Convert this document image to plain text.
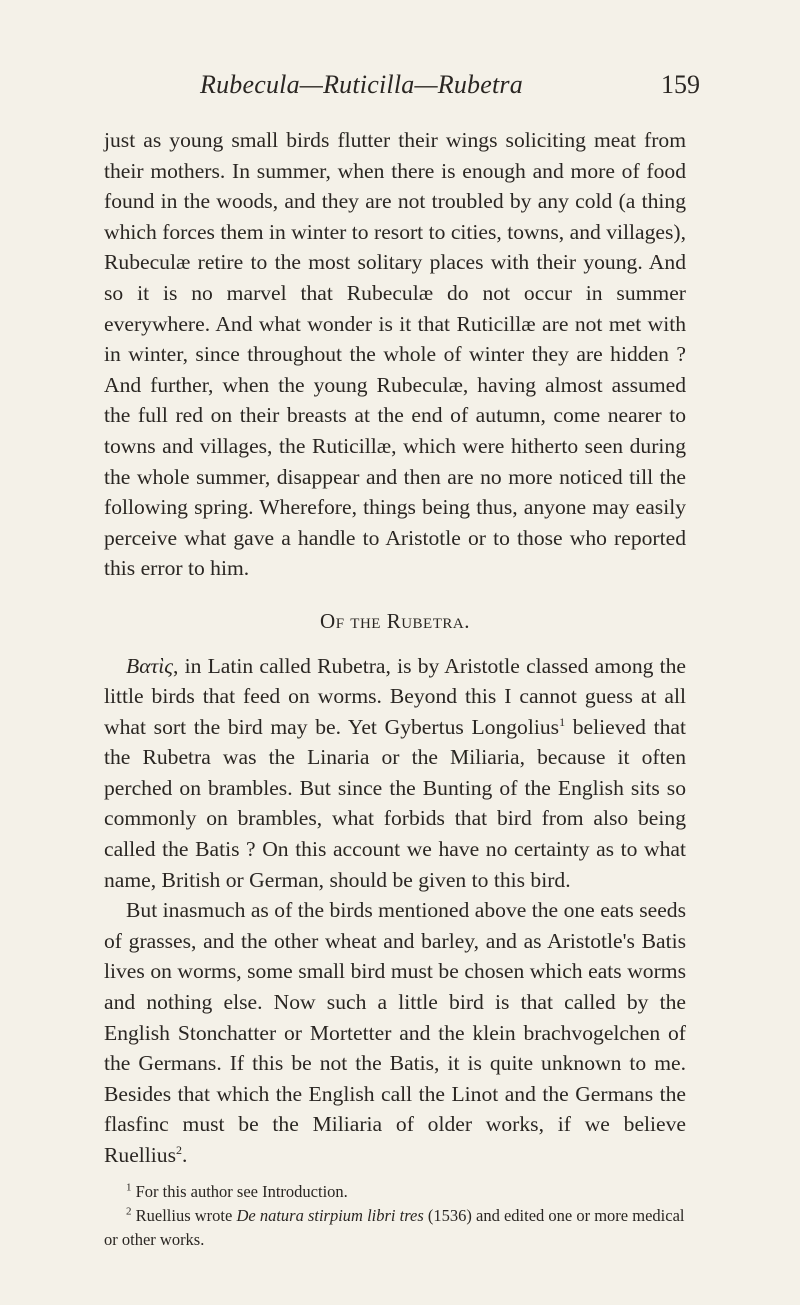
Rubecula—Ruticilla—Rubetra	159

just as young small birds flutter their wings soliciting meat from their mothers. In summer, when there is enough and more of food found in the woods, and they are not troubled by any cold (a thing which forces them in winter to resort to cities, towns, and villages), Rubeculæ retire to the most solitary places with their young. And so it is no marvel that Rubeculæ do not occur in summer everywhere. And what wonder is it that Ruticillæ are not met with in winter, since throughout the whole of winter they are hidden ? And further, when the young Rubeculæ, having almost assumed the full red on their breasts at the end of autumn, come nearer to towns and villages, the Ruticillæ, which were hitherto seen during the whole summer, disappear and then are no more noticed till the following spring. Wherefore, things being thus, anyone may easily perceive what gave a handle to Aristotle or to those who reported this error to him.

Of the Rubetra.

Βατὶς, in Latin called Rubetra, is by Aristotle classed among the little birds that feed on worms. Beyond this I cannot guess at all what sort the bird may be. Yet Gybertus Longolius$^1$ believed that the Rubetra was the Linaria or the Miliaria, because it often perched on brambles. But since the Bunting of the English sits so commonly on brambles, what forbids that bird from also being called the Batis ? On this account we have no certainty as to what name, British or German, should be given to this bird.

But inasmuch as of the birds mentioned above the one eats seeds of grasses, and the other wheat and barley, and as Aristotle's Batis lives on worms, some small bird must be chosen which eats worms and nothing else. Now such a little bird is that called by the English Stonchatter or Mortetter and the klein brachvogelchen of the Germans. If this be not the Batis, it is quite unknown to me. Besides that which the English call the Linot and the Germans the flasfinc must be the Miliaria of older works, if we believe Ruellius$^2$.

$^1$ For this author see Introduction.

$^2$ Ruellius wrote De natura stirpium libri tres (1536) and edited one or more medical or other works.
